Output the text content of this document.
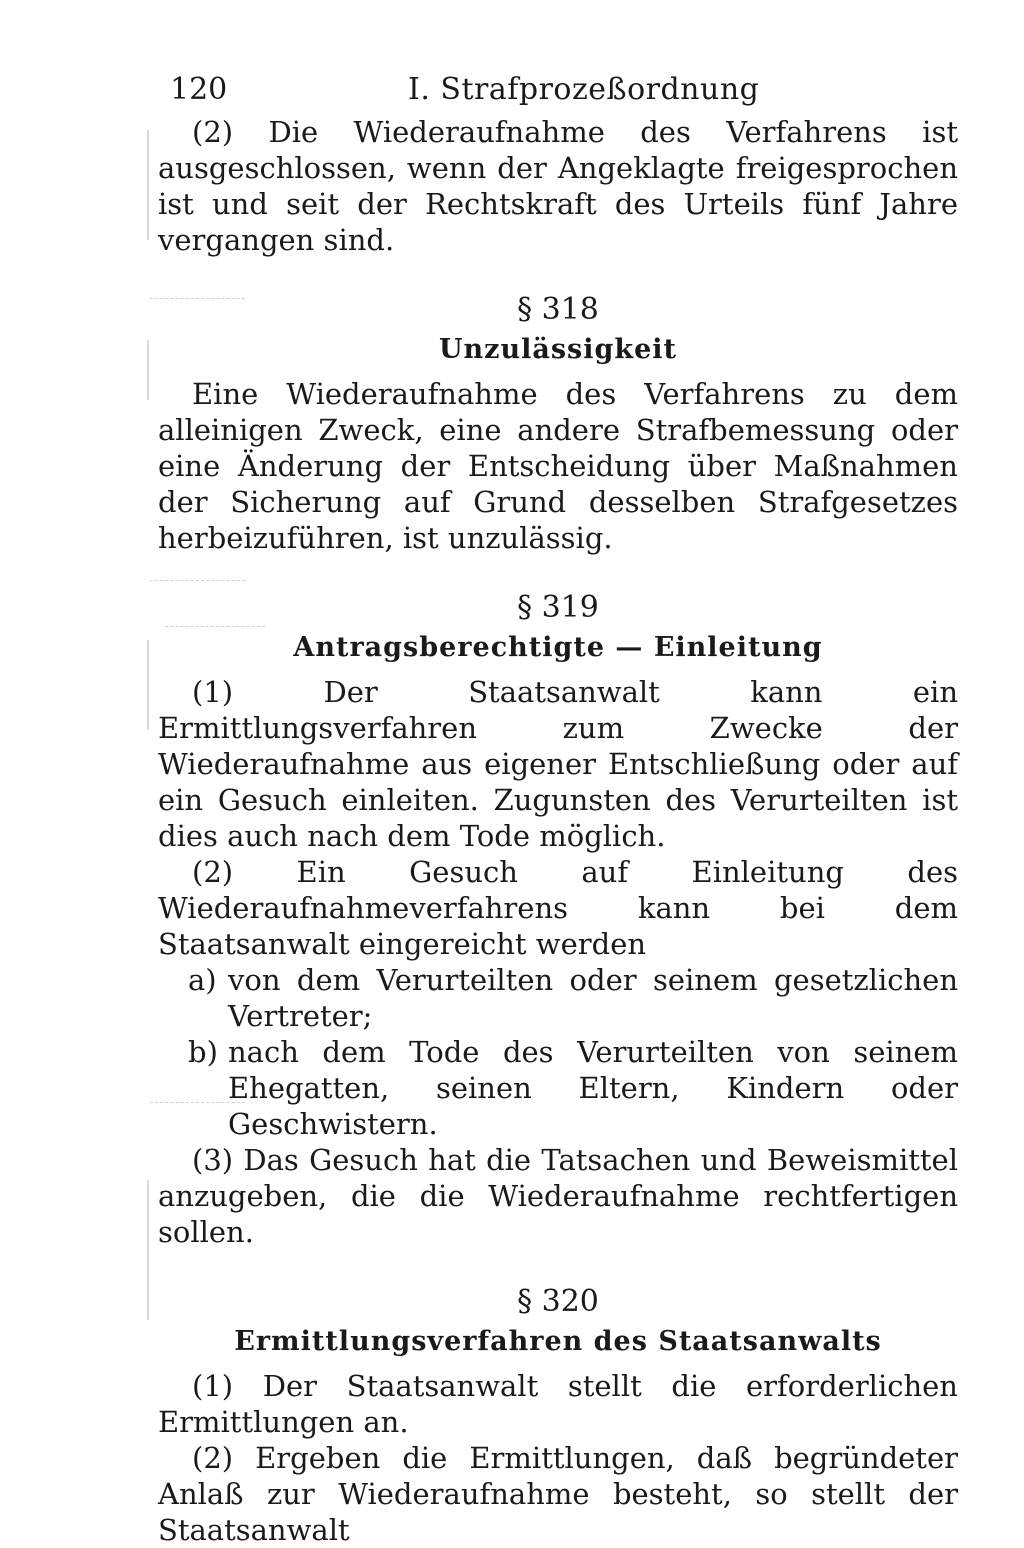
120	I. Strafprozeßordnung

(2) Die Wiederaufnahme des Verfahrens ist ausgeschlossen, wenn der Angeklagte freigesprochen ist und seit der Rechtskraft des Urteils fünf Jahre vergangen sind.

§ 318
Unzulässigkeit

Eine Wiederaufnahme des Verfahrens zu dem alleinigen Zweck, eine andere Strafbemessung oder eine Änderung der Entscheidung über Maßnahmen der Sicherung auf Grund desselben Strafgesetzes herbeizuführen, ist unzulässig.

§ 319
Antragsberechtigte — Einleitung

(1) Der Staatsanwalt kann ein Ermittlungsverfahren zum Zwecke der Wiederaufnahme aus eigener Entschließung oder auf ein Gesuch einleiten. Zugunsten des Verurteilten ist dies auch nach dem Tode möglich.

(2) Ein Gesuch auf Einleitung des Wiederaufnahmeverfahrens kann bei dem Staatsanwalt eingereicht werden

a) von dem Verurteilten oder seinem gesetzlichen Vertreter;
b) nach dem Tode des Verurteilten von seinem Ehegatten, seinen Eltern, Kindern oder Geschwistern.

(3) Das Gesuch hat die Tatsachen und Beweismittel anzugeben, die die Wiederaufnahme rechtfertigen sollen.

§ 320
Ermittlungsverfahren des Staatsanwalts

(1) Der Staatsanwalt stellt die erforderlichen Ermittlungen an.

(2) Ergeben die Ermittlungen, daß begründeter Anlaß zur Wiederaufnahme besteht, so stellt der Staatsanwalt
